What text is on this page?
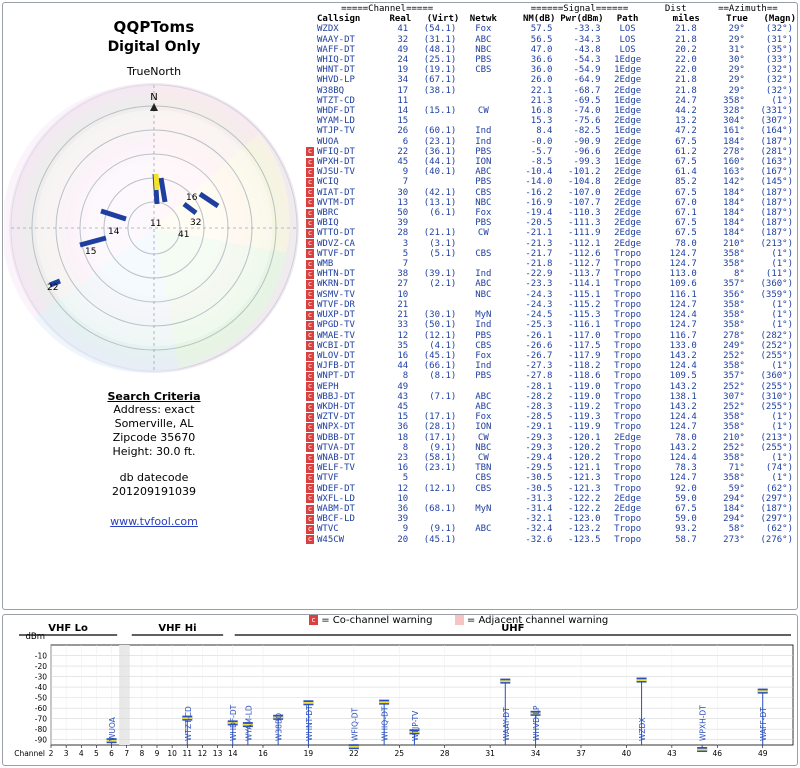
QQPToms
Digital Only
TrueNorth
N
14
11
15
22
16
32
41
Search Criteria
Address: exact
Somerville, AL
Zipcode 35670
Height: 30.0 ft.
db datecode
201209191039
www.tvfool.com
	=====Channel=====				======Signal======			Dist	==Azimuth==	
	Callsign	Real	(Virt)	Netwk	NM(dB)	Pwr(dBm)	Path	miles	True	(Magn)
	WZDX	41	(54.1)	Fox	57.5	-33.3	LOS	21.8	29°	(32°)
	WAAY-DT	32	(31.1)	ABC	56.5	-34.3	LOS	21.8	29°	(31°)
	WAFF-DT	49	(48.1)	NBC	47.0	-43.8	LOS	20.2	31°	(35°)
	WHIQ-DT	24	(25.1)	PBS	36.6	-54.3	1Edge	22.0	30°	(33°)
	WHNT-DT	19	(19.1)	CBS	36.0	-54.9	1Edge	22.0	29°	(32°)
	WHVD-LP	34	(67.1)		26.0	-64.9	2Edge	21.8	29°	(32°)
	W38BQ	17	(38.1)		22.1	-68.7	2Edge	21.8	29°	(32°)
	WTZT-CD	11			21.3	-69.5	1Edge	24.7	358°	(1°)
	WHDF-DT	14	(15.1)	CW	16.8	-74.0	1Edge	44.2	328°	(331°)
	WYAM-LD	15			15.3	-75.6	2Edge	13.2	304°	(307°)
	WTJP-TV	26	(60.1)	Ind	8.4	-82.5	1Edge	47.2	161°	(164°)
	WUOA	6	(23.1)	Ind	-0.0	-90.9	2Edge	67.5	184°	(187°)

c	WFIQ-DT	22	(36.1)	PBS	-5.7	-96.6	2Edge	61.2	278°	(281°)

c	WPXH-DT	45	(44.1)	ION	-8.5	-99.3	1Edge	67.5	160°	(163°)

c	WJSU-TV	9	(40.1)	ABC	-10.4	-101.2	2Edge	61.4	163°	(167°)

c	WCIQ	7		PBS	-14.0	-104.8	2Edge	85.2	142°	(145°)

c	WIAT-DT	30	(42.1)	CBS	-16.2	-107.0	2Edge	67.5	184°	(187°)

c	WVTM-DT	13	(13.1)	NBC	-16.9	-107.7	2Edge	67.0	184°	(187°)

c	WBRC	50	(6.1)	Fox	-19.4	-110.3	2Edge	67.1	184°	(187°)

c	WBIQ	39		PBS	-20.5	-111.3	2Edge	67.5	184°	(187°)

c	WTTO-DT	28	(21.1)	CW	-21.1	-111.9	2Edge	67.5	184°	(187°)

c	WDVZ-CA	3	(3.1)		-21.3	-112.1	2Edge	78.0	210°	(213°)

c	WTVF-DT	5	(5.1)	CBS	-21.7	-112.6	Tropo	124.7	358°	(1°)

c	WMB	7			-21.8	-112.7	Tropo	124.7	358°	(1°)

c	WHTN-DT	38	(39.1)	Ind	-22.9	-113.7	Tropo	113.0	8°	(11°)

c	WKRN-DT	27	(2.1)	ABC	-23.3	-114.1	Tropo	109.6	357°	(360°)

c	WSMV-TV	10		NBC	-24.3	-115.1	Tropo	116.1	356°	(359°)

c	WTVF-DR	21			-24.3	-115.2	Tropo	124.7	358°	(1°)

c	WUXP-DT	21	(30.1)	MyN	-24.5	-115.3	Tropo	124.4	358°	(1°)

c	WPGD-TV	33	(50.1)	Ind	-25.3	-116.1	Tropo	124.7	358°	(1°)

c	WMAE-TV	12	(12.1)	PBS	-26.1	-117.0	Tropo	116.7	278°	(282°)

c	WCBI-DT	35	(4.1)	CBS	-26.6	-117.5	Tropo	133.0	249°	(252°)

c	WLOV-DT	16	(45.1)	Fox	-26.7	-117.9	Tropo	143.2	252°	(255°)

c	WJFB-DT	44	(66.1)	Ind	-27.3	-118.2	Tropo	124.4	358°	(1°)

c	WNPT-DT	8	(8.1)	PBS	-27.8	-118.6	Tropo	109.5	357°	(360°)

c	WEPH	49			-28.1	-119.0	Tropo	143.2	252°	(255°)

c	WBBJ-DT	43	(7.1)	ABC	-28.2	-119.0	Tropo	138.1	307°	(310°)

c	WKDH-DT	45		ABC	-28.3	-119.2	Tropo	143.2	252°	(255°)

c	WZTV-DT	15	(17.1)	Fox	-28.5	-119.3	Tropo	124.4	358°	(1°)

c	WNPX-DT	36	(28.1)	ION	-29.1	-119.9	Tropo	124.7	358°	(1°)

c	WDBB-DT	18	(17.1)	CW	-29.3	-120.1	2Edge	78.0	210°	(213°)

c	WTVA-DT	8	(9.1)	NBC	-29.3	-120.2	Tropo	143.2	252°	(255°)

c	WNAB-DT	23	(58.1)	CW	-29.4	-120.2	Tropo	124.4	358°	(1°)

c	WELF-TV	16	(23.1)	TBN	-29.5	-121.1	Tropo	78.3	71°	(74°)

c	WTVF	5		CBS	-30.5	-121.3	Tropo	124.7	358°	(1°)

c	WDEF-DT	12	(12.1)	CBS	-30.5	-121.3	Tropo	92.0	59°	(62°)

c	WXFL-LD	10			-31.3	-122.2	2Edge	59.0	294°	(297°)

c	WABM-DT	36	(68.1)	MyN	-31.4	-122.2	2Edge	67.5	184°	(187°)

c	WBCF-LD	39			-32.1	-123.0	Tropo	59.0	294°	(297°)

c	WTVC	9	(9.1)	ABC	-32.4	-123.2	Tropo	93.2	58°	(62°)

c	W45CW	20	(45.1)		-32.6	-123.5	Tropo	58.7	273°	(276°)
c = Co-channel warning	= Adjacent channel warning
-10
-20
-30
-40
-50
-60
-70
-80
-90
2 3 4 5 6 7 8 9 10 11 12 13 14	16	19	22	25	28	31	34	37	40	43	46	49
dBm
Channel
VHF Lo	VHF Hi	UHF
WUOA	WTZT-CD	WHDF-DT WYAM-LD	W38BQ	WHNT-DT	WFIQ-DT	WHIQ-DT	WTJP-TV	WAAY-DT	WHVD-LP	WZDX	WPXH-DT	WAFF-DT
